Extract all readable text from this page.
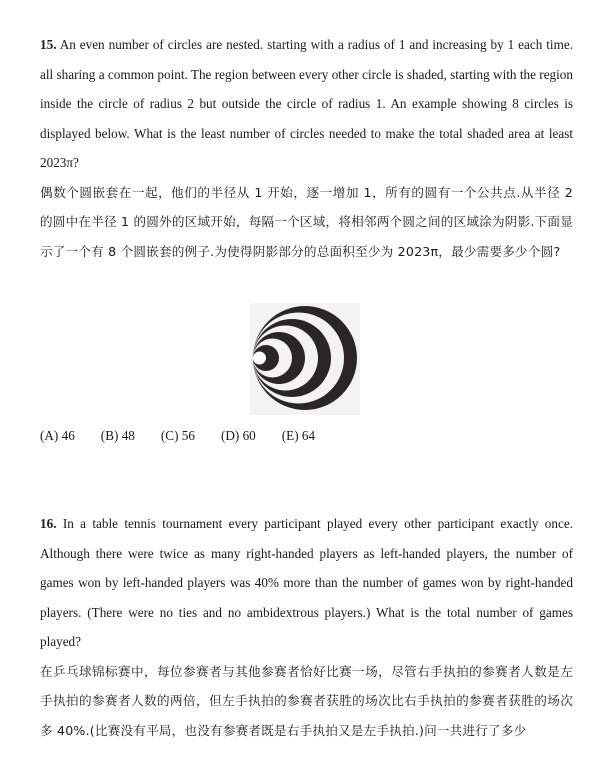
15. An even number of circles are nested. starting with a radius of 1 and increasing by 1 each time. all sharing a common point. The region between every other circle is shaded, starting with the region inside the circle of radius 2 but outside the circle of radius 1. An example showing 8 circles is displayed below. What is the least number of circles needed to make the total shaded area at least 2023π?

偶数个圆嵌套在一起，他们的半径从 1 开始，逐一增加 1，所有的圆有一个公共点.从半径 2 的圆中在半径 1 的圆外的区域开始，每隔一个区域，将相邻两个圆之间的区域涂为阴影.下面显示了一个有 8 个圆嵌套的例子.为使得阴影部分的总面积至少为 2023π，最少需要多少个圆?

(A) 46 (B) 48 (C) 56 (D) 60 (E) 64

16. In a table tennis tournament every participant played every other participant exactly once. Although there were twice as many right-handed players as left-handed players, the number of games won by left-handed players was 40% more than the number of games won by right-handed players. (There were no ties and no ambidextrous players.) What is the total number of games played?

在乒乓球锦标赛中，每位参赛者与其他参赛者恰好比赛一场，尽管右手执拍的参赛者人数是左手执拍的参赛者人数的两倍，但左手执拍的参赛者获胜的场次比右手执拍的参赛者获胜的场次多 40%.(比赛没有平局，也没有参赛者既是右手执拍又是左手执拍.)问一共进行了多少
